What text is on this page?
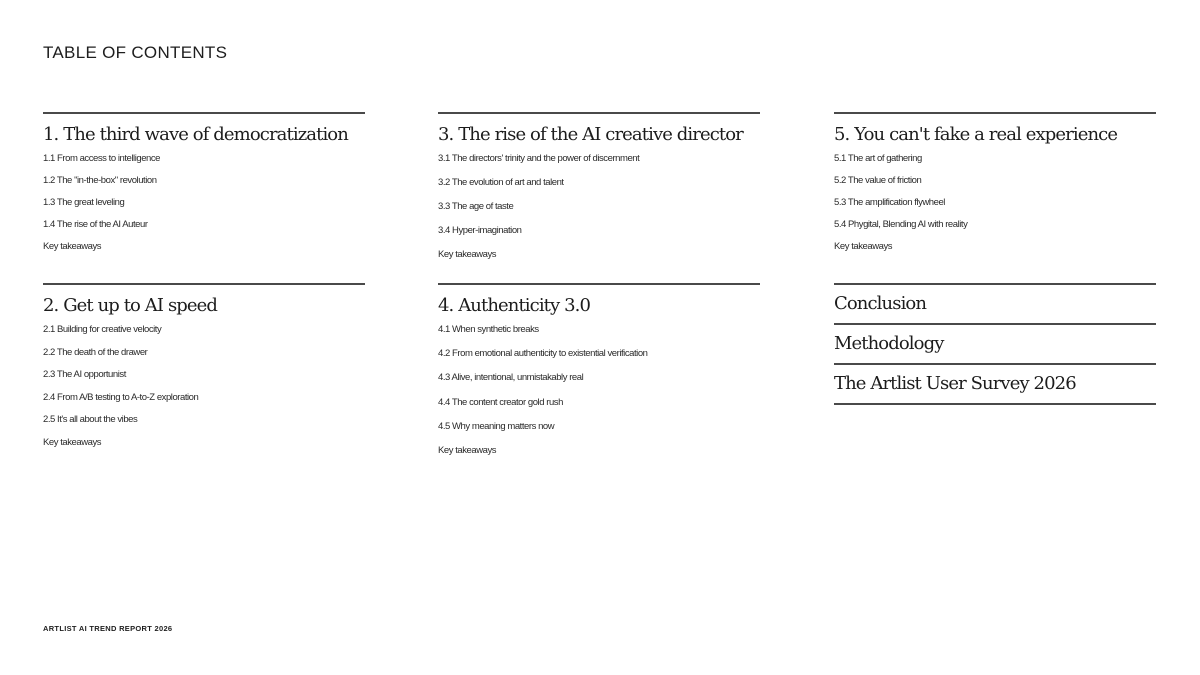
TABLE OF CONTENTS
1. The third wave of democratization
1.1 From access to intelligence
1.2 The "in-the-box" revolution
1.3 The great leveling
1.4 The rise of the AI Auteur
Key takeaways
2. Get up to AI speed
2.1 Building for creative velocity
2.2 The death of the drawer
2.3 The AI opportunist
2.4 From A/B testing to A-to-Z exploration
2.5 It's all about the vibes
Key takeaways
3. The rise of the AI creative director
3.1 The directors' trinity and the power of discernment
3.2 The evolution of art and talent
3.3 The age of taste
3.4 Hyper-imagination
Key takeaways
4. Authenticity 3.0
4.1 When synthetic breaks
4.2 From emotional authenticity to existential verification
4.3 Alive, intentional, unmistakably real
4.4 The content creator gold rush
4.5 Why meaning matters now
Key takeaways
5. You can't fake a real experience
5.1 The art of gathering
5.2 The value of friction
5.3 The amplification flywheel
5.4 Phygital, Blending AI with reality
Key takeaways
Conclusion
Methodology
The Artlist User Survey 2026
ARTLIST AI TREND REPORT 2026
